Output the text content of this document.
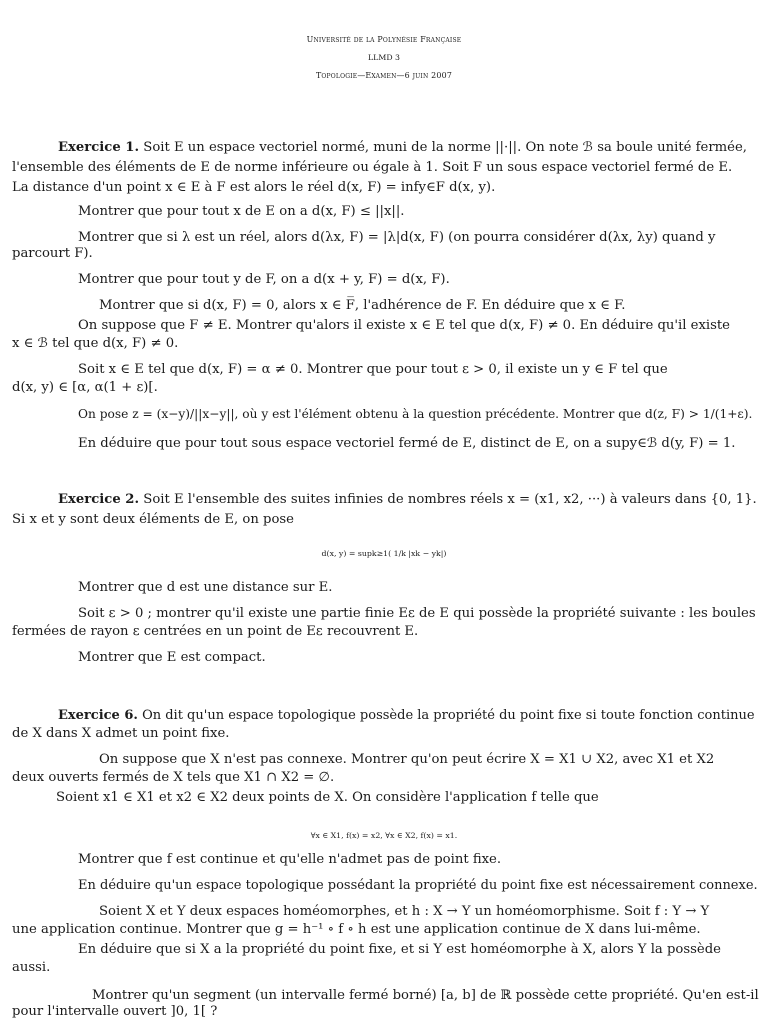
Université de la Polynésie Française
LLMD 3
Topologie—Examen—6 juin 2007
Exercice 1. Soit E un espace vectoriel normé, muni de la norme ||·||. On note ℬ sa boule unité fermée,
l'ensemble des éléments de E de norme inférieure ou égale à 1. Soit F un sous espace vectoriel fermé de E.
La distance d'un point x ∈ E à F est alors le réel d(x, F) = infy∈F d(x, y).
Montrer que pour tout x de E on a d(x, F) ≤ ||x||.
Montrer que si λ est un réel, alors d(λx, F) = |λ|d(x, F) (on pourra considérer d(λx, λy) quand y
parcourt F).
Montrer que pour tout y de F, on a d(x + y, F) = d(x, F).
Montrer que si d(x, F) = 0, alors x ∈ F̅, l'adhérence de F. En déduire que x ∈ F.
On suppose que F ≠ E. Montrer qu'alors il existe x ∈ E tel que d(x, F) ≠ 0. En déduire qu'il existe
x ∈ ℬ tel que d(x, F) ≠ 0.
Soit x ∈ E tel que d(x, F) = α ≠ 0. Montrer que pour tout ε > 0, il existe un y ∈ F tel que
d(x, y) ∈ [α, α(1 + ε)[.
On pose z = (x−y)/||x−y||, où y est l'élément obtenu à la question précédente. Montrer que d(z, F) > 1/(1+ε).
En déduire que pour tout sous espace vectoriel fermé de E, distinct de E, on a supy∈ℬ d(y, F) = 1.
Exercice 2. Soit E l'ensemble des suites infinies de nombres réels x = (x1, x2, ···) à valeurs dans {0, 1}.
Si x et y sont deux éléments de E, on pose
d(x, y) = supk≥1( 1/k |xk − yk|)
Montrer que d est une distance sur E.
Soit ε > 0 ; montrer qu'il existe une partie finie Eε de E qui possède la propriété suivante : les boules
fermées de rayon ε centrées en un point de Eε recouvrent E.
Montrer que E est compact.
Exercice 6. On dit qu'un espace topologique possède la propriété du point fixe si toute fonction continue
de X dans X admet un point fixe.
On suppose que X n'est pas connexe. Montrer qu'on peut écrire X = X1 ∪ X2, avec X1 et X2
deux ouverts fermés de X tels que X1 ∩ X2 = ∅.
Soient x1 ∈ X1 et x2 ∈ X2 deux points de X. On considère l'application f telle que
∀x ∈ X1, f(x) = x2, ∀x ∈ X2, f(x) = x1.
Montrer que f est continue et qu'elle n'admet pas de point fixe.
En déduire qu'un espace topologique possédant la propriété du point fixe est nécessairement connexe.
Soient X et Y deux espaces homéomorphes, et h : X → Y un homéomorphisme. Soit f : Y → Y
une application continue. Montrer que g = h⁻¹ ∘ f ∘ h est une application continue de X dans lui-même.
En déduire que si X a la propriété du point fixe, et si Y est homéomorphe à X, alors Y la possède
aussi.
Montrer qu'un segment (un intervalle fermé borné) [a, b] de ℝ possède cette propriété. Qu'en est-il
pour l'intervalle ouvert ]0, 1[ ?
